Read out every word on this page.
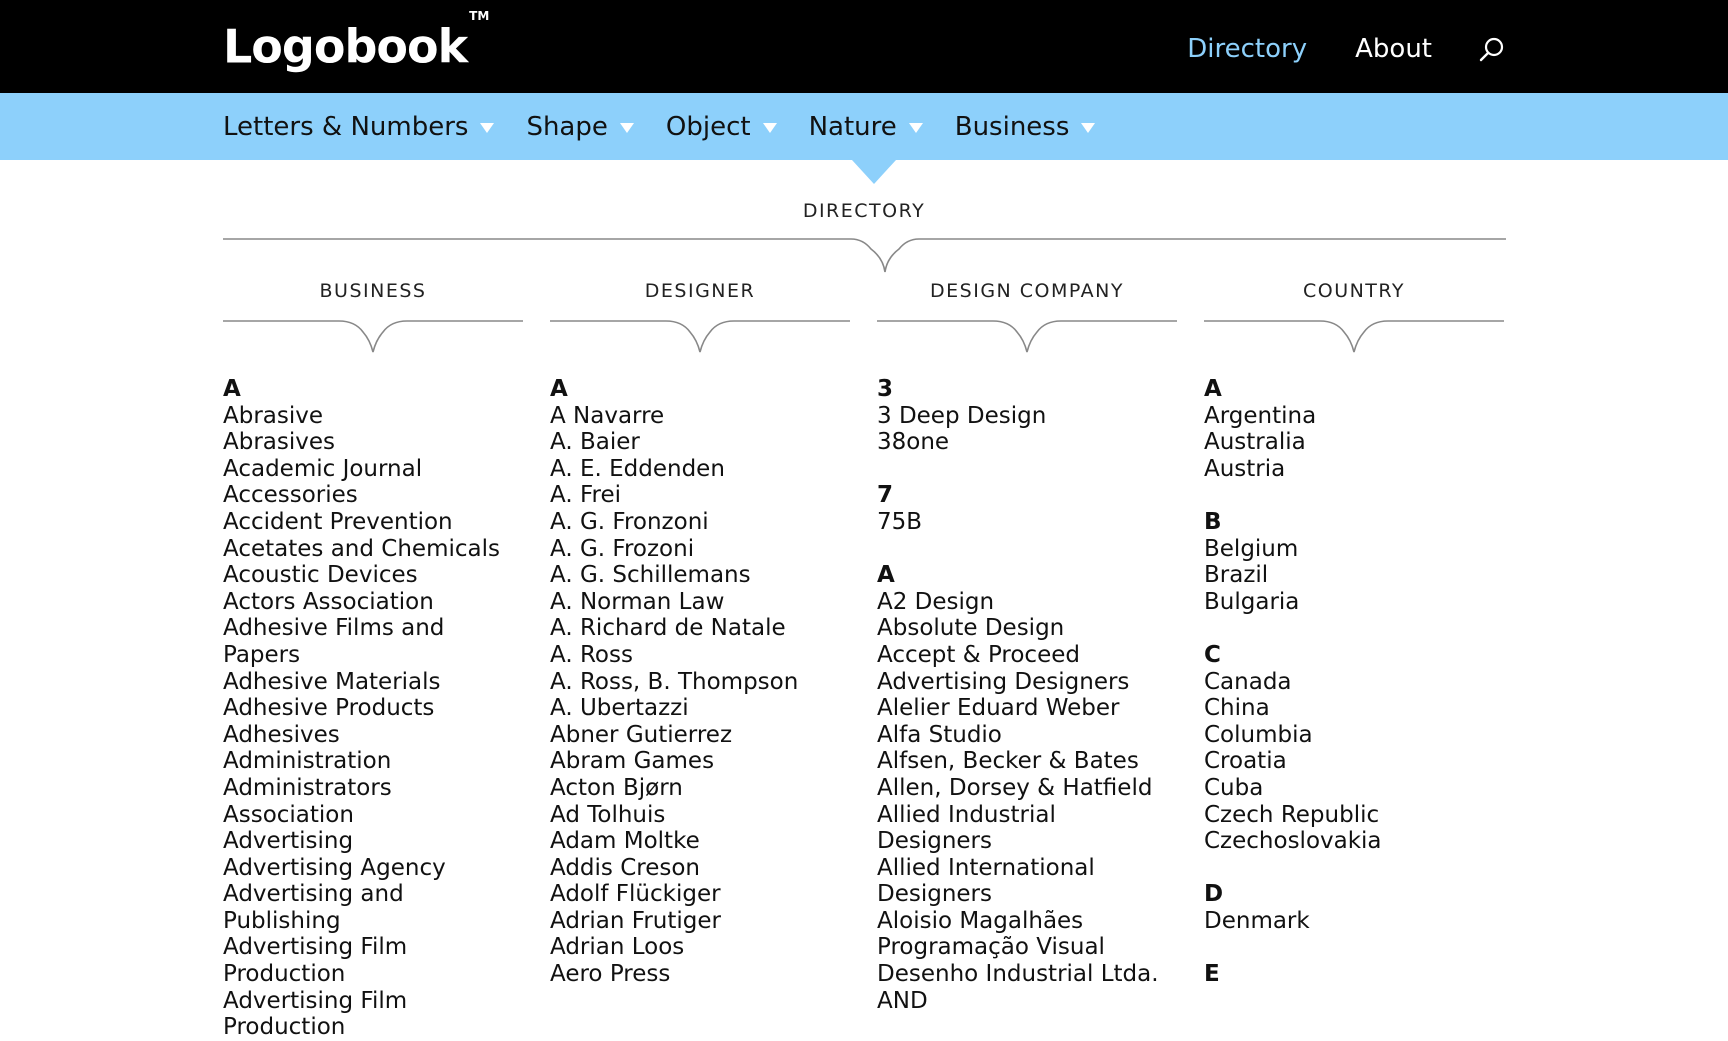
Logobook™
Directory About
Letters & Numbers Shape Object Nature Business
DIRECTORY
BUSINESS
A
Abrasive
Abrasives
Academic Journal
Accessories
Accident Prevention
Acetates and Chemicals
Acoustic Devices
Actors Association
Adhesive Films and Papers
Adhesive Materials
Adhesive Products
Adhesives
Administration
Administrators Association
Advertising
Advertising Agency
Advertising and Publishing
Advertising Film Production
Advertising Film Production
DESIGNER
A
A Navarre
A. Baier
A. E. Eddenden
A. Frei
A. G. Fronzoni
A. G. Frozoni
A. G. Schillemans
A. Norman Law
A. Richard de Natale
A. Ross
A. Ross, B. Thompson
A. Ubertazzi
Abner Gutierrez
Abram Games
Acton Bjørn
Ad Tolhuis
Adam Moltke
Addis Creson
Adolf Flückiger
Adrian Frutiger
Adrian Loos
Aero Press
DESIGN COMPANY
3
3 Deep Design
38one
7
75B
A
A2 Design
Absolute Design
Accept & Proceed
Advertising Designers
Alelier Eduard Weber
Alfa Studio
Alfsen, Becker & Bates
Allen, Dorsey & Hatfield
Allied Industrial Designers
Allied International Designers
Aloisio Magalhães Programação Visual Desenho Industrial Ltda.
AND
COUNTRY
A
Argentina
Australia
Austria
B
Belgium
Brazil
Bulgaria
C
Canada
China
Columbia
Croatia
Cuba
Czech Republic
Czechoslovakia
D
Denmark
E
